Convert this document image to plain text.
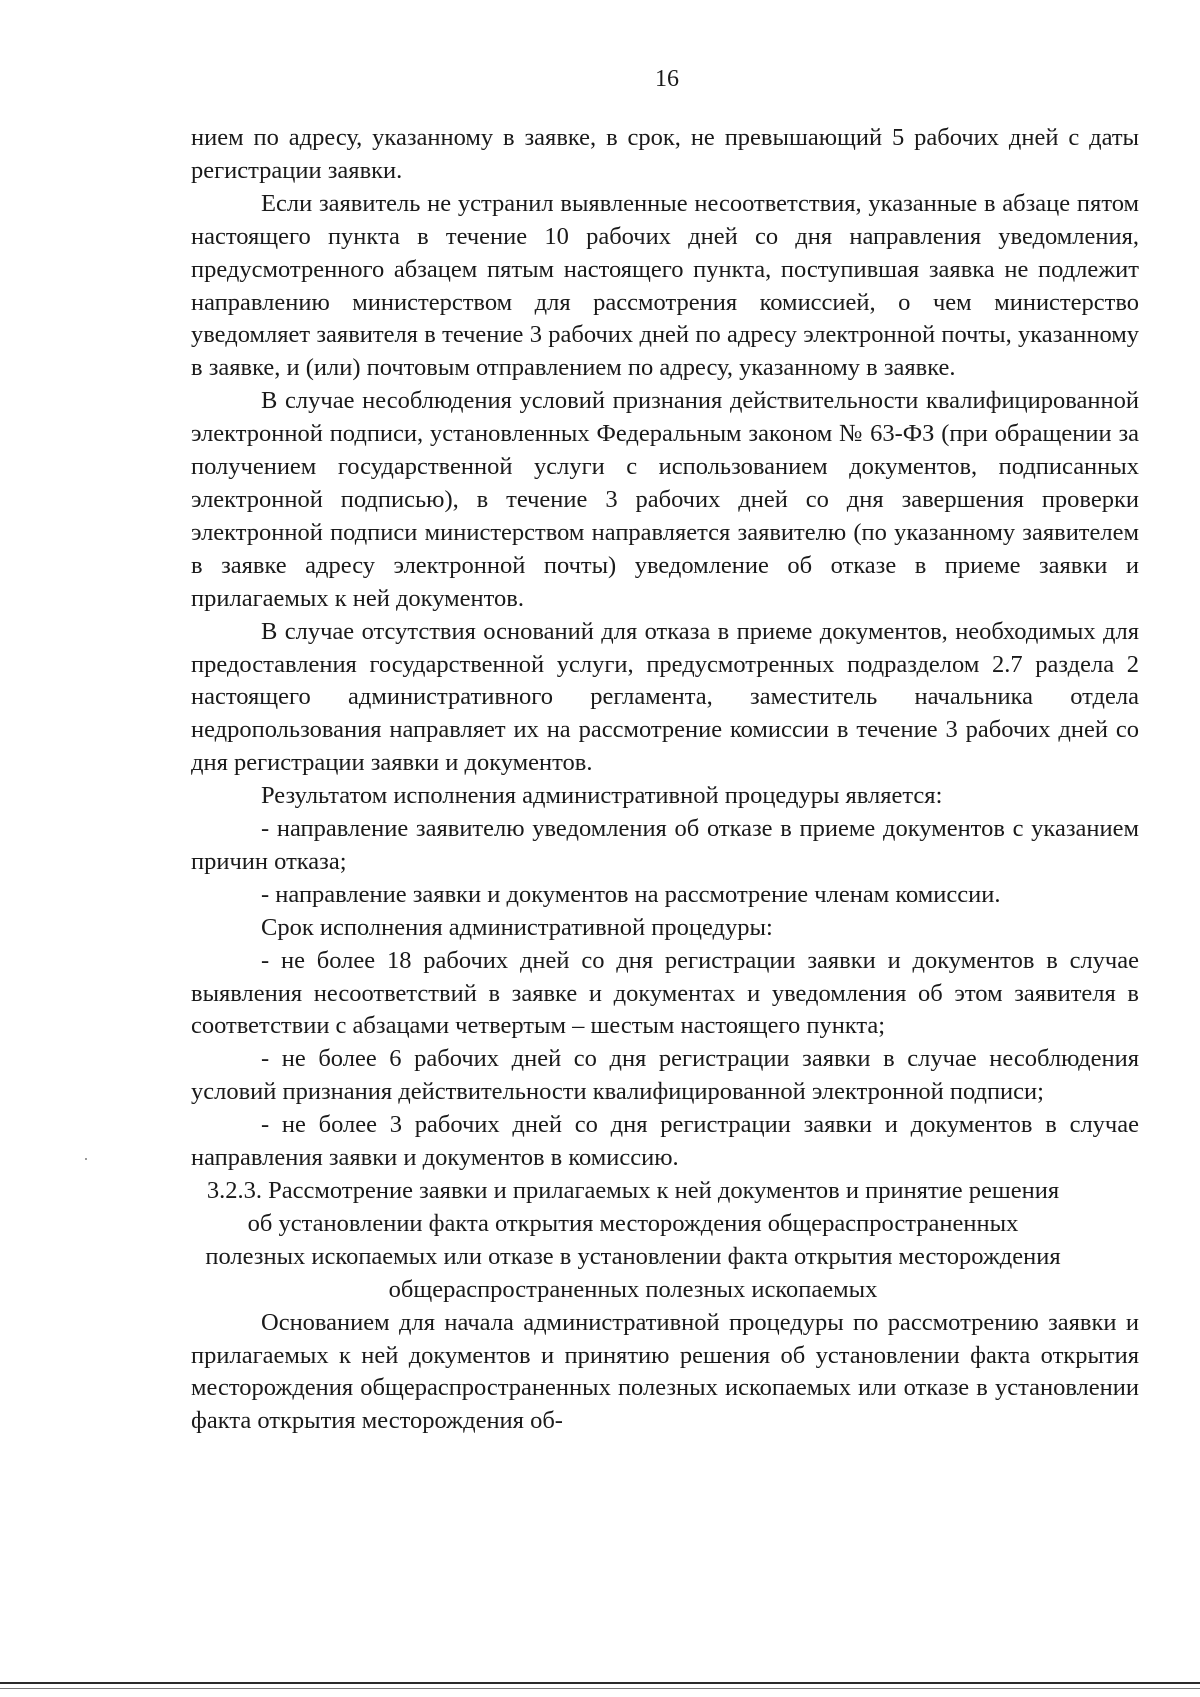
16

нием по адресу, указанному в заявке, в срок, не превышающий 5 рабочих дней с даты регистрации заявки.

Если заявитель не устранил выявленные несоответствия, указанные в абзаце пятом настоящего пункта в течение 10 рабочих дней со дня направления уведомления, предусмотренного абзацем пятым настоящего пункта, поступившая заявка не подлежит направлению министерством для рассмотрения комиссией, о чем министерство уведомляет заявителя в течение 3 рабочих дней по адресу электронной почты, указанному в заявке, и (или) почтовым отправлением по адресу, указанному в заявке.

В случае несоблюдения условий признания действительности квалифицированной электронной подписи, установленных Федеральным законом № 63-ФЗ (при обращении за получением государственной услуги с использованием документов, подписанных электронной подписью), в течение 3 рабочих дней со дня завершения проверки электронной подписи министерством направляется заявителю (по указанному заявителем в заявке адресу электронной почты) уведомление об отказе в приеме заявки и прилагаемых к ней документов.

В случае отсутствия оснований для отказа в приеме документов, необходимых для предоставления государственной услуги, предусмотренных подразделом 2.7 раздела 2 настоящего административного регламента, заместитель начальника отдела недропользования направляет их на рассмотрение комиссии в течение 3 рабочих дней со дня регистрации заявки и документов.

Результатом исполнения административной процедуры является:

- направление заявителю уведомления об отказе в приеме документов с указанием причин отказа;

- направление заявки и документов на рассмотрение членам комиссии.

Срок исполнения административной процедуры:

- не более 18 рабочих дней со дня регистрации заявки и документов в случае выявления несоответствий в заявке и документах и уведомления об этом заявителя в соответствии с абзацами четвертым – шестым настоящего пункта;

- не более 6 рабочих дней со дня регистрации заявки в случае несоблюдения условий признания действительности квалифицированной электронной подписи;

- не более 3 рабочих дней со дня регистрации заявки и документов в случае направления заявки и документов в комиссию.

3.2.3. Рассмотрение заявки и прилагаемых к ней документов и принятие решения об установлении факта открытия месторождения общераспространенных полезных ископаемых или отказе в установлении факта открытия месторождения общераспространенных полезных ископаемых

Основанием для начала административной процедуры по рассмотрению заявки и прилагаемых к ней документов и принятию решения об установлении факта открытия месторождения общераспространенных полезных ископаемых или отказе в установлении факта открытия месторождения об-
